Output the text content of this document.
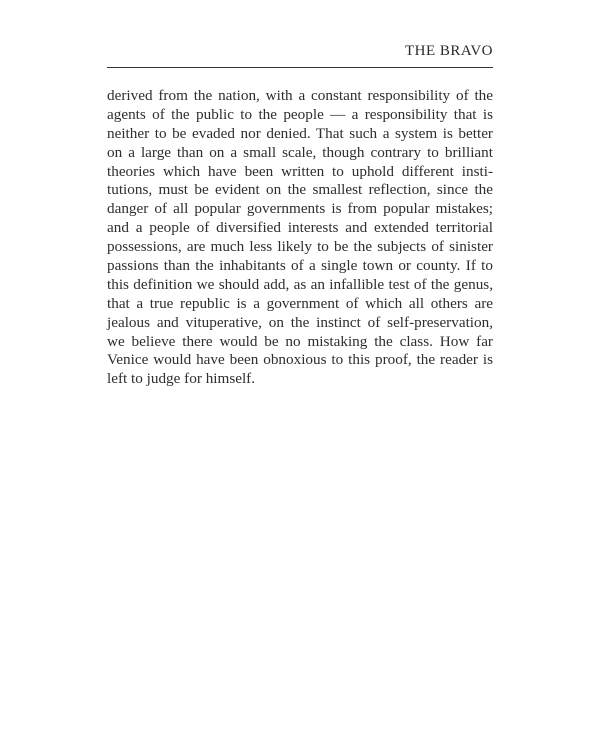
THE BRAVO
derived from the nation, with a constant responsibility of the
agents of the public to the people — a responsibility that is
neither to be evaded nor denied. That such a system is better
on a large than on a small scale, though contrary to brilliant
theories which have been written to uphold different insti-
tutions, must be evident on the smallest reflection, since the
danger of all popular governments is from popular mistakes;
and a people of diversified interests and extended territorial
possessions, are much less likely to be the subjects of sinister
passions than the inhabitants of a single town or county. If to
this definition we should add, as an infallible test of the genus,
that a true republic is a government of which all others are
jealous and vituperative, on the instinct of self-preservation,
we believe there would be no mistaking the class. How far
Venice would have been obnoxious to this proof, the reader is
left to judge for himself.
